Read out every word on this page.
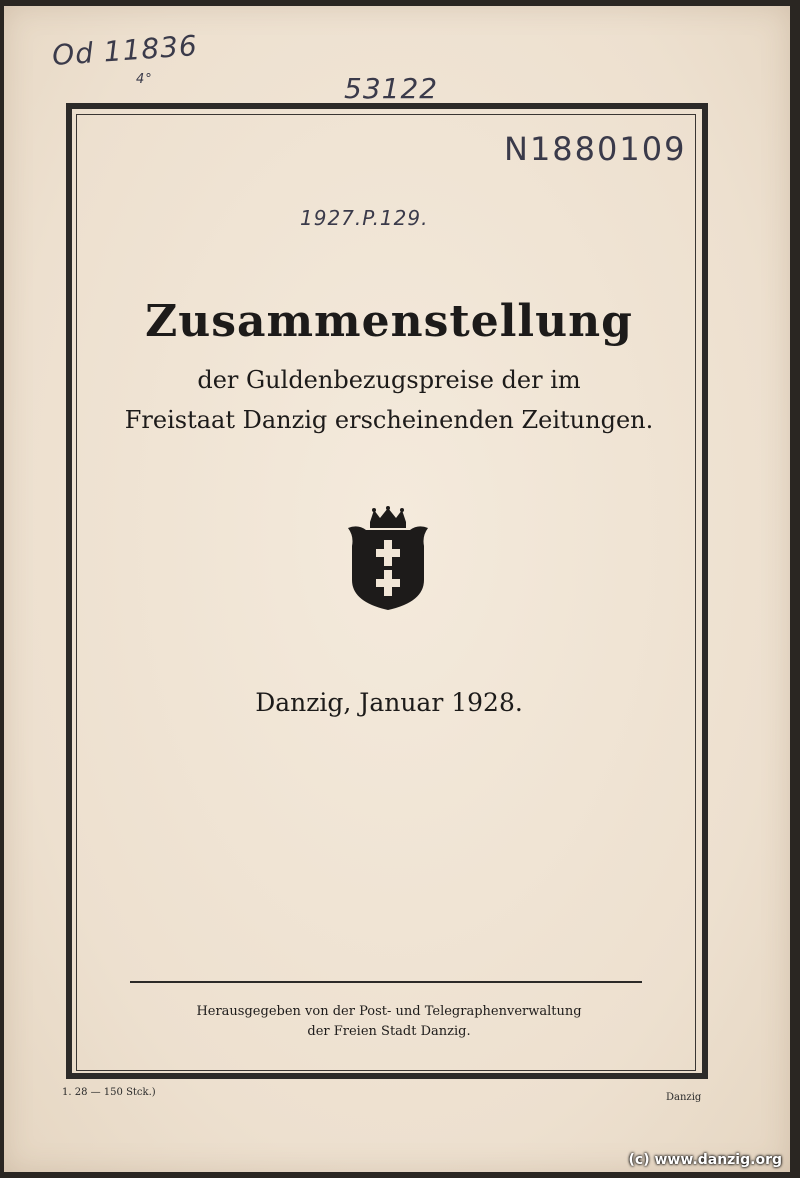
Od 11836
4°	53122
N1880109
1927.P.129.
Zusammenstellung
der Guldenbezugspreise der im
Freistaat Danzig erscheinenden Zeitungen.
Danzig, Januar 1928.
Herausgegeben von der Post- und Telegraphenverwaltung
der Freien Stadt Danzig.
1. 28 — 150 Stck.)	Danzig
(c) www.danzig.org
